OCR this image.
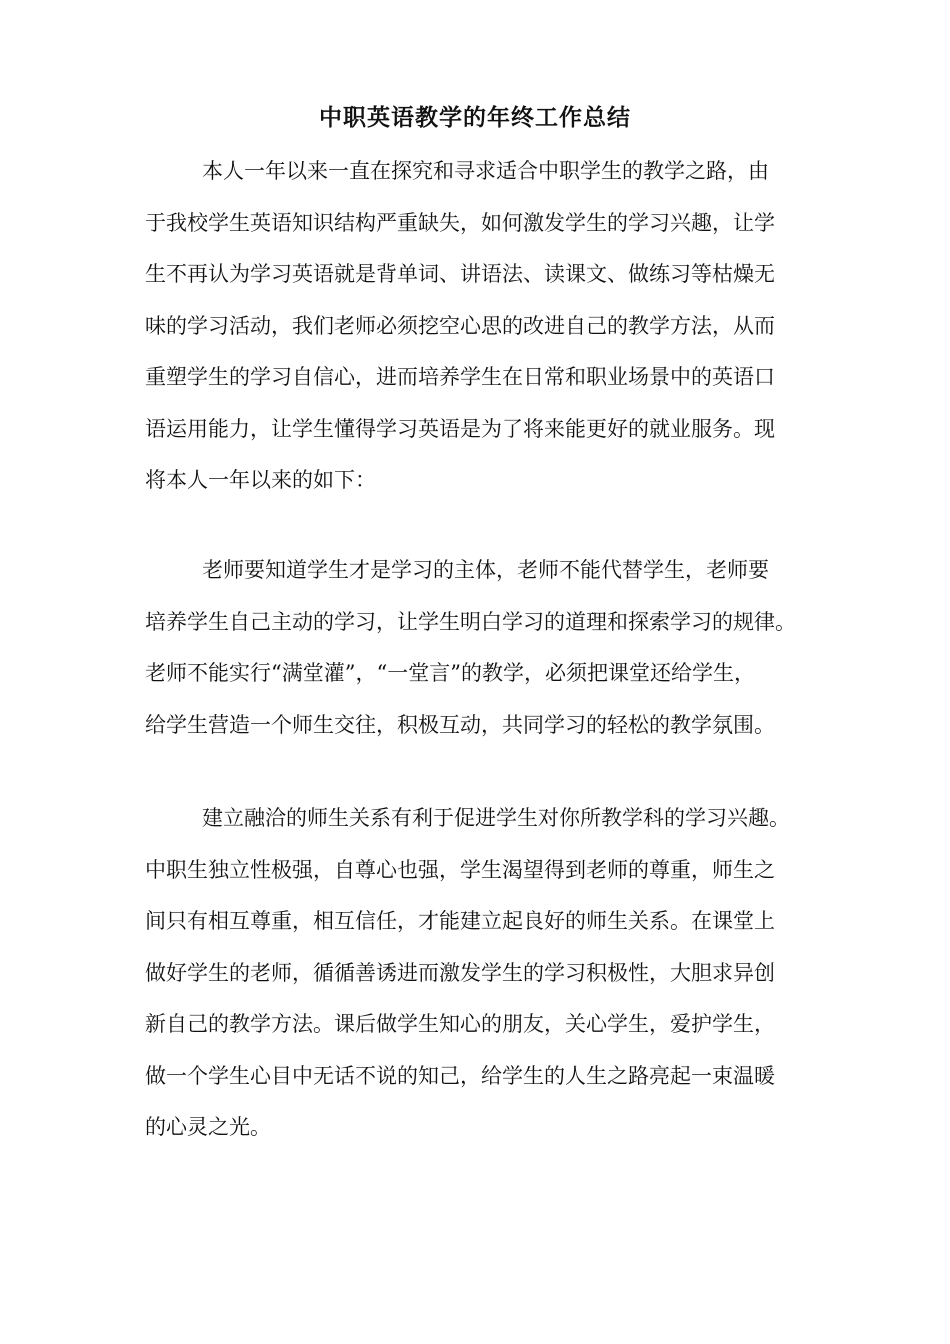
中职英语教学的年终工作总结
本人一年以来一直在探究和寻求适合中职学生的教学之路，由
于我校学生英语知识结构严重缺失，如何激发学生的学习兴趣，让学
生不再认为学习英语就是背单词、讲语法、读课文、做练习等枯燥无
味的学习活动，我们老师必须挖空心思的改进自己的教学方法，从而
重塑学生的学习自信心，进而培养学生在日常和职业场景中的英语口
语运用能力，让学生懂得学习英语是为了将来能更好的就业服务。现
将本人一年以来的如下：
老师要知道学生才是学习的主体，老师不能代替学生，老师要
培养学生自己主动的学习，让学生明白学习的道理和探索学习的规律。
老师不能实行“满堂灌”，“一堂言”的教学，必须把课堂还给学生，
给学生营造一个师生交往，积极互动，共同学习的轻松的教学氛围。
建立融洽的师生关系有利于促进学生对你所教学科的学习兴趣。
中职生独立性极强，自尊心也强，学生渴望得到老师的尊重，师生之
间只有相互尊重，相互信任，才能建立起良好的师生关系。在课堂上
做好学生的老师，循循善诱进而激发学生的学习积极性，大胆求异创
新自己的教学方法。课后做学生知心的朋友，关心学生，爱护学生，
做一个学生心目中无话不说的知己，给学生的人生之路亮起一束温暖
的心灵之光。
